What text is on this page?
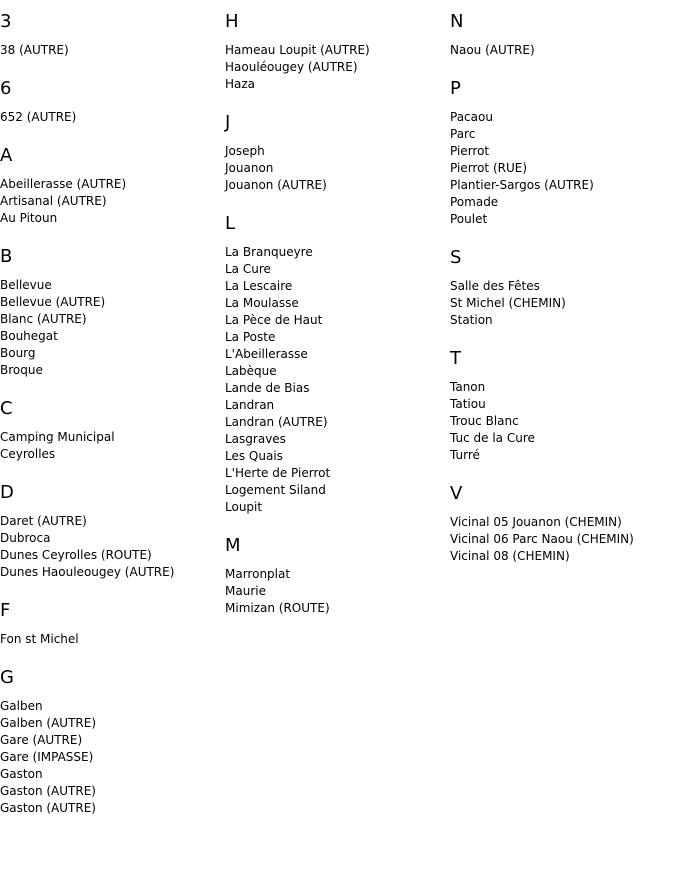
3
38 (AUTRE)
6
652 (AUTRE)
A
Abeillerasse (AUTRE)
Artisanal (AUTRE)
Au Pitoun
B
Bellevue
Bellevue (AUTRE)
Blanc (AUTRE)
Bouhegat
Bourg
Broque
C
Camping Municipal
Ceyrolles
D
Daret (AUTRE)
Dubroca
Dunes Ceyrolles (ROUTE)
Dunes Haoulеougey (AUTRE)
F
Fon st Michel
G
Galben
Galben (AUTRE)
Gare (AUTRE)
Gare (IMPASSE)
Gaston
Gaston (AUTRE)
Gaston (AUTRE)
H
Hameau Loupit (AUTRE)
Haouléougey (AUTRE)
Haza
J
Joseph
Jouanon
Jouanon (AUTRE)
L
La Branqueyre
La Cure
La Lescaire
La Moulasse
La Pèce de Haut
La Poste
L'Abeillerasse
Labèque
Lande de Bias
Landran
Landran (AUTRE)
Lasgraves
Les Quais
L'Herte de Pierrot
Logement Siland
Loupit
M
Marronplat
Maurie
Mimizan (ROUTE)
N
Naou (AUTRE)
P
Pacaou
Parc
Pierrot
Pierrot (RUE)
Plantier-Sargos (AUTRE)
Pomade
Poulet
S
Salle des Fêtes
St Michel (CHEMIN)
Station
T
Tanon
Tatiou
Trouc Blanc
Tuc de la Cure
Turré
V
Vicinal 05 Jouanon (CHEMIN)
Vicinal 06 Parc Naou (CHEMIN)
Vicinal 08 (CHEMIN)
